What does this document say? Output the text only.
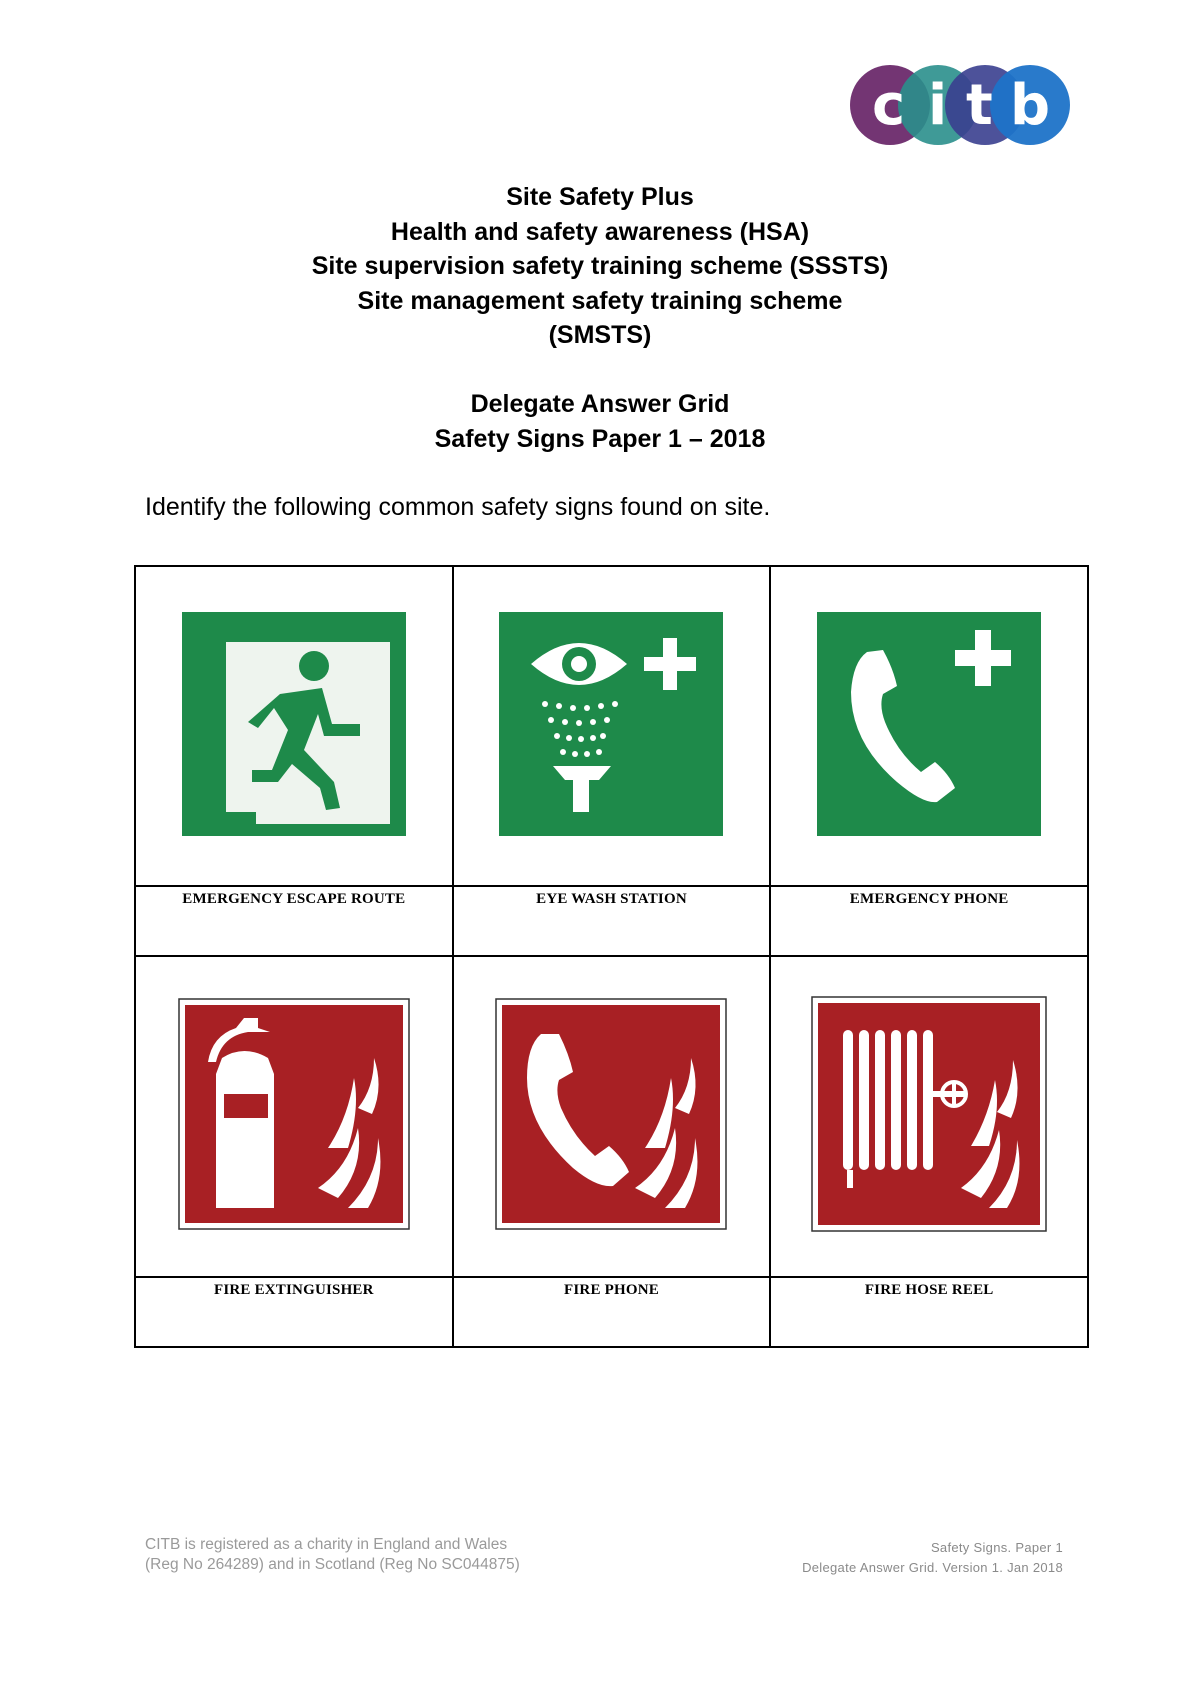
c i t b
Site Safety Plus
Health and safety awareness (HSA)
Site supervision safety training scheme (SSSTS)
Site management safety training scheme
(SMSTS)
Delegate Answer Grid
Safety Signs Paper 1 – 2018
Identify the following common safety signs found on site.

EMERGENCY ESCAPE ROUTE	EYE WASH STATION	EMERGENCY PHONE

FIRE EXTINGUISHER	FIRE PHONE	FIRE HOSE REEL
CITB is registered as a charity in England and Wales
(Reg No 264289) and in Scotland (Reg No SC044875)
Safety Signs. Paper 1
Delegate Answer Grid. Version 1. Jan 2018
